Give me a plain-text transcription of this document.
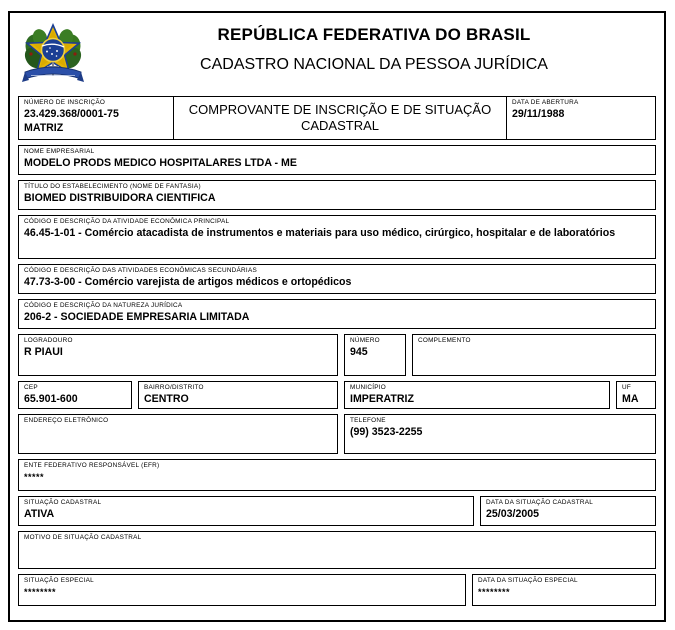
REPÚBLICA FEDERATIVA DO BRASIL
CADASTRO NACIONAL DA PESSOA JURÍDICA
NÚMERO DE INSCRIÇÃO
23.429.368/0001-75
MATRIZ
COMPROVANTE DE INSCRIÇÃO E DE SITUAÇÃO CADASTRAL
DATA DE ABERTURA
29/11/1988
NOME EMPRESARIAL
MODELO PRODS MEDICO HOSPITALARES LTDA - ME
TÍTULO DO ESTABELECIMENTO (NOME DE FANTASIA)
BIOMED DISTRIBUIDORA CIENTIFICA
CÓDIGO E DESCRIÇÃO DA ATIVIDADE ECONÔMICA PRINCIPAL
46.45-1-01 - Comércio atacadista de instrumentos e materiais para uso médico, cirúrgico, hospitalar e de laboratórios
CÓDIGO E DESCRIÇÃO DAS ATIVIDADES ECONÔMICAS SECUNDÁRIAS
47.73-3-00 - Comércio varejista de artigos médicos e ortopédicos
CÓDIGO E DESCRIÇÃO DA NATUREZA JURÍDICA
206-2 - SOCIEDADE EMPRESARIA LIMITADA
LOGRADOURO
R PIAUI
NÚMERO
945
COMPLEMENTO
CEP
65.901-600
BAIRRO/DISTRITO
CENTRO
MUNICÍPIO
IMPERATRIZ
UF
MA
ENDEREÇO ELETRÔNICO	TELEFONE
(99) 3523-2255
ENTE FEDERATIVO RESPONSÁVEL (EFR)
*****
SITUAÇÃO CADASTRAL
ATIVA
DATA DA SITUAÇÃO CADASTRAL
25/03/2005
MOTIVO DE SITUAÇÃO CADASTRAL
SITUAÇÃO ESPECIAL
********
DATA DA SITUAÇÃO ESPECIAL
********
